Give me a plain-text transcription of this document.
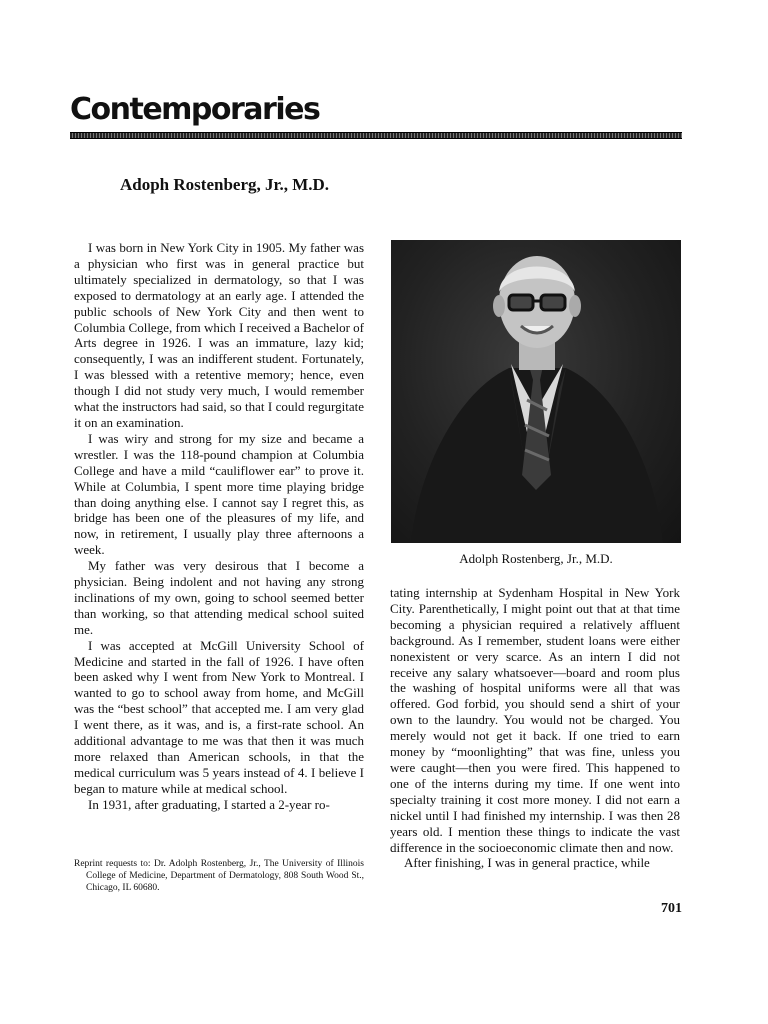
Contemporaries
Adoph Rostenberg, Jr., M.D.

I was born in New York City in 1905. My father was a physician who first was in general practice but ultimately specialized in dermatology, so that I was exposed to dermatology at an early age. I attended the public schools of New York City and then went to Columbia College, from which I received a Bachelor of Arts degree in 1926. I was an immature, lazy kid; consequently, I was an indifferent student. Fortunately, I was blessed with a retentive memory; hence, even though I did not study very much, I would remember what the instructors had said, so that I could regurgitate it on an examination.

I was wiry and strong for my size and became a wrestler. I was the 118-pound champion at Columbia College and have a mild “cauliflower ear” to prove it. While at Columbia, I spent more time playing bridge than doing anything else. I cannot say I regret this, as bridge has been one of the pleasures of my life, and now, in retirement, I usually play three afternoons a week.

My father was very desirous that I become a physician. Being indolent and not having any strong inclinations of my own, going to school seemed better than working, so that attending medical school suited me.

I was accepted at McGill University School of Medicine and started in the fall of 1926. I have often been asked why I went from New York to Montreal. I wanted to go to school away from home, and McGill was the “best school” that accepted me. I am very glad I went there, as it was, and is, a first-rate school. An additional advantage to me was that then it was much more relaxed than American schools, in that the medical curriculum was 5 years instead of 4. I believe I began to mature while at medical school.

In 1931, after graduating, I started a 2-year ro-

Adolph Rostenberg, Jr., M.D.

tating internship at Sydenham Hospital in New York City. Parenthetically, I might point out that at that time becoming a physician required a relatively affluent background. As I remember, student loans were either nonexistent or very scarce. As an intern I did not receive any salary whatsoever—board and room plus the washing of hospital uniforms were all that was offered. God forbid, you should send a shirt of your own to the laundry. You would not be charged. You merely would not get it back. If one tried to earn money by “moonlighting” that was fine, unless you were caught—then you were fired. This happened to one of the interns during my time. If one went into specialty training it cost more money. I did not earn a nickel until I had finished my internship. I was then 28 years old. I mention these things to indicate the vast difference in the socioeconomic climate then and now.

After finishing, I was in general practice, while

Reprint requests to: Dr. Adolph Rostenberg, Jr., The University of Illinois College of Medicine, Department of Dermatology, 808 South Wood St., Chicago, IL 60680.
701
